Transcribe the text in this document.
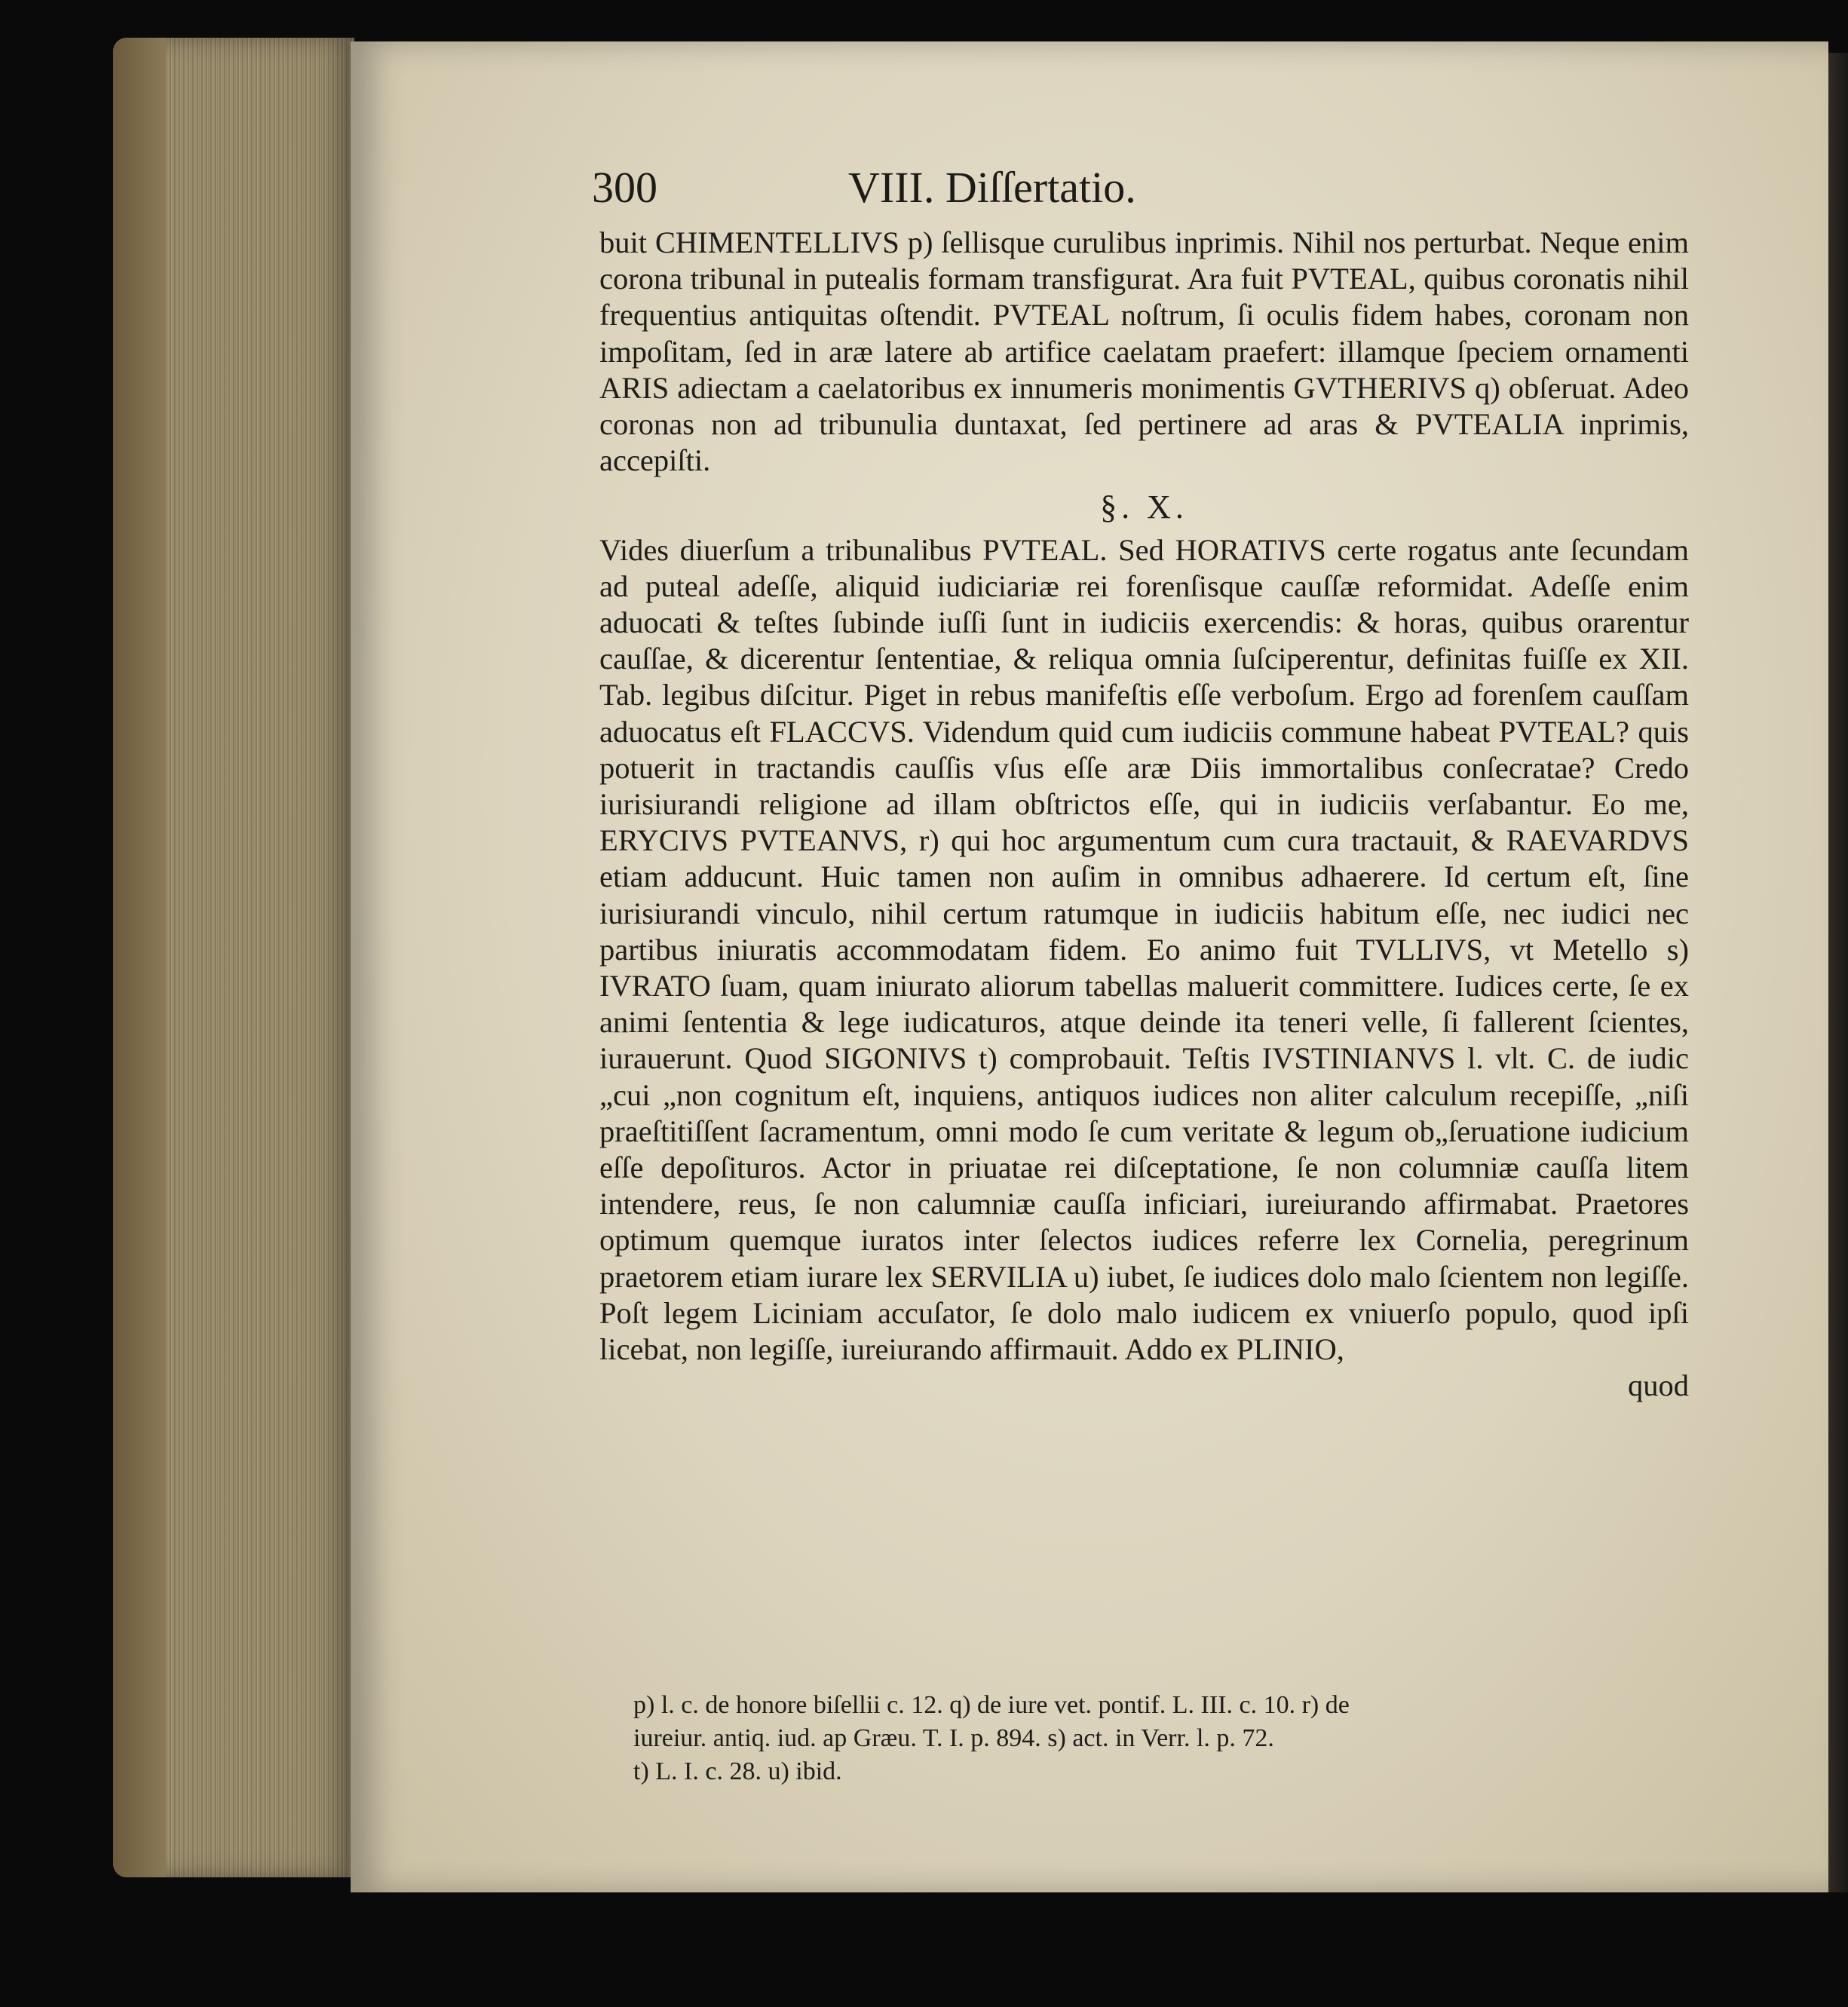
300	VIII. Diſſertatio.

buit CHIMENTELLIVS p) ſellisque curulibus inprimis. Nihil nos perturbat. Neque enim corona tribunal in putealis formam transfigurat. Ara fuit PVTEAL, quibus coronatis nihil frequentius antiquitas oſtendit. PVTEAL noſtrum, ſi oculis fidem habes, coronam non impoſitam, ſed in aræ latere ab artifice caelatam praefert: illamque ſpeciem ornamenti ARIS adiectam a caelatoribus ex innumeris monimentis GVTHERIVS q) obſeruat. Adeo coronas non ad tribunulia duntaxat, ſed pertinere ad aras & PVTEALIA inprimis, accepiſti.

§. X.

Vides diuerſum a tribunalibus PVTEAL. Sed HORATIVS certe rogatus ante ſecundam ad puteal adeſſe, aliquid iudiciariæ rei forenſisque cauſſæ reformidat. Adeſſe enim aduocati & teſtes ſubinde iuſſi ſunt in iudiciis exercendis: & horas, quibus orarentur cauſſae, & dicerentur ſententiae, & reliqua omnia ſuſciperentur, definitas fuiſſe ex XII. Tab. legibus diſcitur. Piget in rebus manifeſtis eſſe verboſum. Ergo ad forenſem cauſſam aduocatus eſt FLACCVS. Videndum quid cum iudiciis commune habeat PVTEAL? quis potuerit in tractandis cauſſis vſus eſſe aræ Diis immortalibus conſecratae? Credo iurisiurandi religione ad illam obſtrictos eſſe, qui in iudiciis verſabantur. Eo me, ERYCIVS PVTEANVS, r) qui hoc argumentum cum cura tractauit, & RAEVARDVS etiam adducunt. Huic tamen non auſim in omnibus adhaerere. Id certum eſt, ſine iurisiurandi vinculo, nihil certum ratumque in iudiciis habitum eſſe, nec iudici nec partibus iniuratis accommodatam fidem. Eo animo fuit TVLLIVS, vt Metello s) IVRATO ſuam, quam iniurato aliorum tabellas maluerit committere. Iudices certe, ſe ex animi ſententia & lege iudicaturos, atque deinde ita teneri velle, ſi fallerent ſcientes, iurauerunt. Quod SIGONIVS t) comprobauit. Teſtis IVSTINIANVS l. vlt. C. de iudic „cui „non cognitum eſt, inquiens, antiquos iudices non aliter calculum recepiſſe, „niſi praeſtitiſſent ſacramentum, omni modo ſe cum veritate & legum ob„ſeruatione iudicium eſſe depoſituros. Actor in priuatae rei diſceptatione, ſe non columniæ cauſſa litem intendere, reus, ſe non calumniæ cauſſa inficiari, iureiurando affirmabat. Praetores optimum quemque iuratos inter ſelectos iudices referre lex Cornelia, peregrinum praetorem etiam iurare lex SERVILIA u) iubet, ſe iudices dolo malo ſcientem non legiſſe. Poſt legem Liciniam accuſator, ſe dolo malo iudicem ex vniuerſo populo, quod ipſi licebat, non legiſſe, iureiurando affirmauit. Addo ex PLINIO,

quod

p) l. c. de honore biſellii c. 12. q) de iure vet. pontif. L. III. c. 10. r) de
iureiur. antiq. iud. ap Græu. T. I. p. 894. s) act. in Verr. l. p. 72.
t) L. I. c. 28. u) ibid.
